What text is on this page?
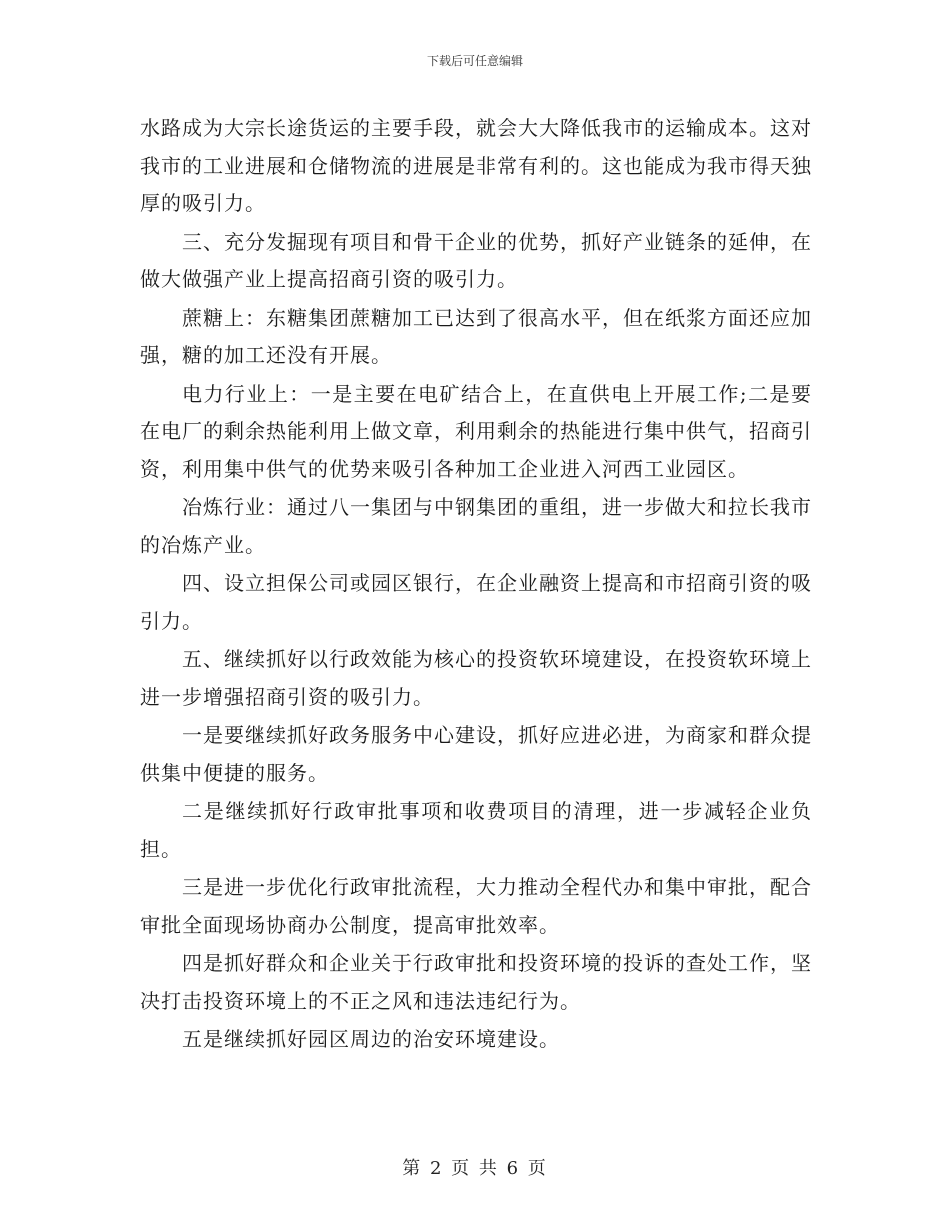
下载后可任意编辑

水路成为大宗长途货运的主要手段，就会大大降低我市的运输成本。这对我市的工业进展和仓储物流的进展是非常有利的。这也能成为我市得天独厚的吸引力。

三、充分发掘现有项目和骨干企业的优势，抓好产业链条的延伸，在做大做强产业上提高招商引资的吸引力。

蔗糖上：东糖集团蔗糖加工已达到了很高水平，但在纸浆方面还应加强，糖的加工还没有开展。

电力行业上：一是主要在电矿结合上，在直供电上开展工作;二是要在电厂的剩余热能利用上做文章，利用剩余的热能进行集中供气，招商引资，利用集中供气的优势来吸引各种加工企业进入河西工业园区。

冶炼行业：通过八一集团与中钢集团的重组，进一步做大和拉长我市的冶炼产业。

四、设立担保公司或园区银行，在企业融资上提高和市招商引资的吸引力。

五、继续抓好以行政效能为核心的投资软环境建设，在投资软环境上进一步增强招商引资的吸引力。

一是要继续抓好政务服务中心建设，抓好应进必进，为商家和群众提供集中便捷的服务。

二是继续抓好行政审批事项和收费项目的清理，进一步减轻企业负担。

三是进一步优化行政审批流程，大力推动全程代办和集中审批，配合审批全面现场协商办公制度，提高审批效率。

四是抓好群众和企业关于行政审批和投资环境的投诉的查处工作，坚决打击投资环境上的不正之风和违法违纪行为。

五是继续抓好园区周边的治安环境建设。

第 2 页 共 6 页
